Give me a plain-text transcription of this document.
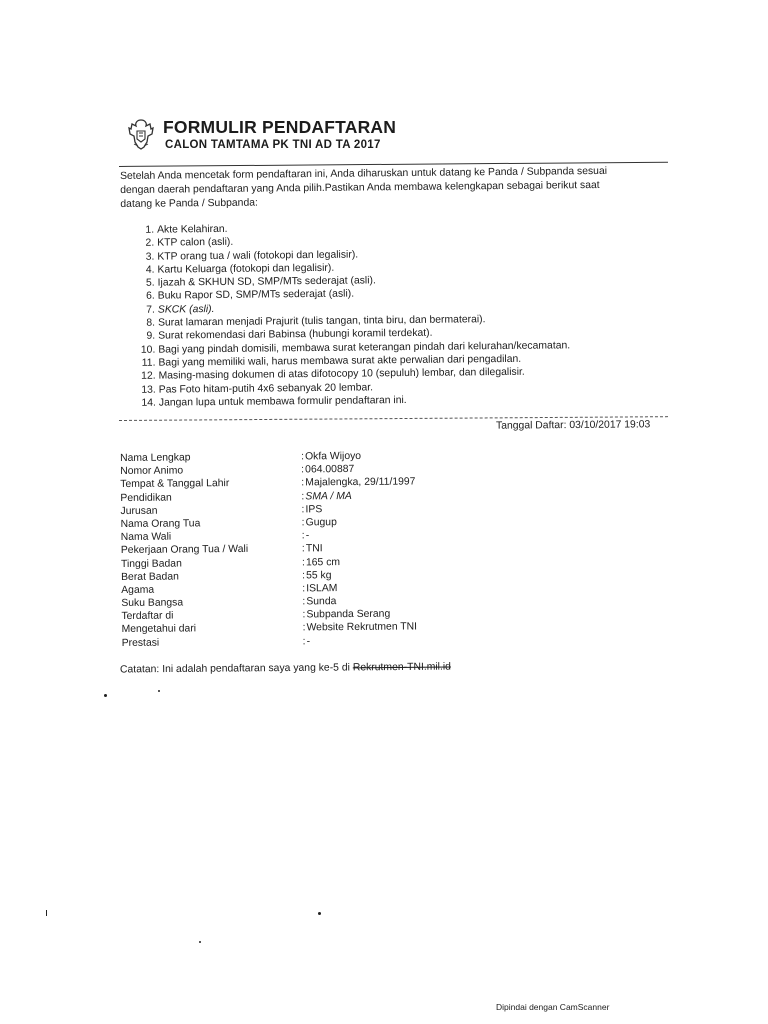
FORMULIR PENDAFTARAN
CALON TAMTAMA PK TNI AD TA 2017
Setelah Anda mencetak form pendaftaran ini, Anda diharuskan untuk datang ke Panda / Subpanda sesuai
dengan daerah pendaftaran yang Anda pilih.Pastikan Anda membawa kelengkapan sebagai berikut saat
datang ke Panda / Subpanda:
1. Akte Kelahiran.
2. KTP calon (asli).
3. KTP orang tua / wali (fotokopi dan legalisir).
4. Kartu Keluarga (fotokopi dan legalisir).
5. Ijazah & SKHUN SD, SMP/MTs sederajat (asli).
6. Buku Rapor SD, SMP/MTs sederajat (asli).
7. SKCK (asli).
8. Surat lamaran menjadi Prajurit (tulis tangan, tinta biru, dan bermaterai).
9. Surat rekomendasi dari Babinsa (hubungi koramil terdekat).
10. Bagi yang pindah domisili, membawa surat keterangan pindah dari kelurahan/kecamatan.
11. Bagi yang memiliki wali, harus membawa surat akte perwalian dari pengadilan.
12. Masing-masing dokumen di atas difotocopy 10 (sepuluh) lembar, dan dilegalisir.
13. Pas Foto hitam-putih 4x6 sebanyak 20 lembar.
14. Jangan lupa untuk membawa formulir pendaftaran ini.
Tanggal Daftar: 03/10/2017 19:03
Nama Lengkap	: Okfa Wijoyo
Nomor Animo	: 064.00887
Tempat & Tanggal Lahir	: Majalengka, 29/11/1997
Pendidikan	: SMA / MA
Jurusan	: IPS
Nama Orang Tua	: Gugup
Nama Wali	: -
Pekerjaan Orang Tua / Wali	: TNI
Tinggi Badan	: 165 cm
Berat Badan	: 55 kg
Agama	: ISLAM
Suku Bangsa	: Sunda
Terdaftar di	: Subpanda Serang
Mengetahui dari	: Website Rekrutmen TNI
Prestasi	: -
Catatan: Ini adalah pendaftaran saya yang ke-5 di Rekrutmen-TNI.mil.id
Dipindai dengan CamScanner
